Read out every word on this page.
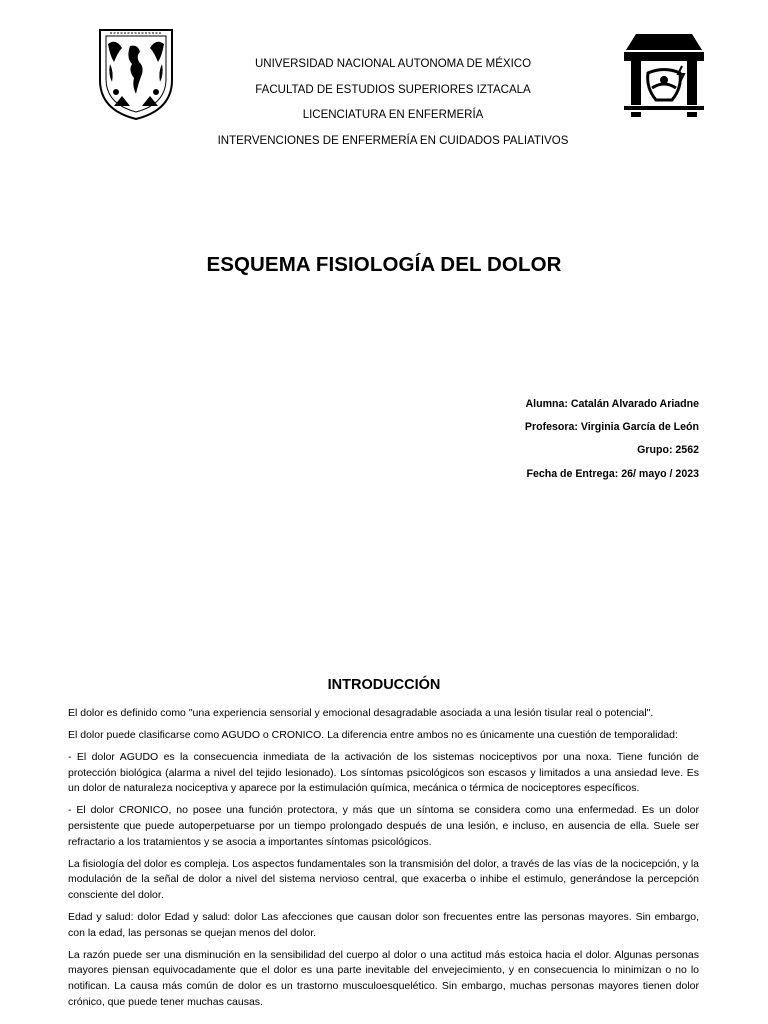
UNIVERSIDAD NACIONAL AUTONOMA DE MÉXICO
FACULTAD DE ESTUDIOS SUPERIORES IZTACALA
LICENCIATURA EN ENFERMERÍA
INTERVENCIONES DE ENFERMERÍA EN CUIDADOS PALIATIVOS
ESQUEMA FISIOLOGÍA DEL DOLOR
Alumna: Catalán Alvarado Ariadne
Profesora: Virginia García de León
Grupo: 2562
Fecha de Entrega: 26/ mayo / 2023
INTRODUCCIÓN

El dolor es definido como "una experiencia sensorial y emocional desagradable asociada a una lesión tisular real o potencial".

El dolor puede clasificarse como AGUDO o CRONICO. La diferencia entre ambos no es únicamente una cuestión de temporalidad:

- El dolor AGUDO es la consecuencia inmediata de la activación de los sistemas nociceptivos por una noxa. Tiene función de protección biológica (alarma a nivel del tejido lesionado). Los síntomas psicológicos son escasos y limitados a una ansiedad leve. Es un dolor de naturaleza nociceptiva y aparece por la estimulación química, mecánica o térmica de nociceptores específicos.

- El dolor CRONICO, no posee una función protectora, y más que un síntoma se considera como una enfermedad. Es un dolor persistente que puede autoperpetuarse por un tiempo prolongado después de una lesión, e incluso, en ausencia de ella. Suele ser refractario a los tratamientos y se asocia a importantes síntomas psicológicos.

La fisiología del dolor es compleja. Los aspectos fundamentales son la transmisión del dolor, a través de las vías de la nocicepción, y la modulación de la señal de dolor a nivel del sistema nervioso central, que exacerba o inhibe el estimulo, generándose la percepción consciente del dolor.

Edad y salud: dolor Edad y salud: dolor Las afecciones que causan dolor son frecuentes entre las personas mayores. Sin embargo, con la edad, las personas se quejan menos del dolor.

La razón puede ser una disminución en la sensibilidad del cuerpo al dolor o una actitud más estoica hacia el dolor. Algunas personas mayores piensan equivocadamente que el dolor es una parte inevitable del envejecimiento, y en consecuencia lo minimizan o no lo notifican. La causa más común de dolor es un trastorno musculoesquelético. Sin embargo, muchas personas mayores tienen dolor crónico, que puede tener muchas causas.
